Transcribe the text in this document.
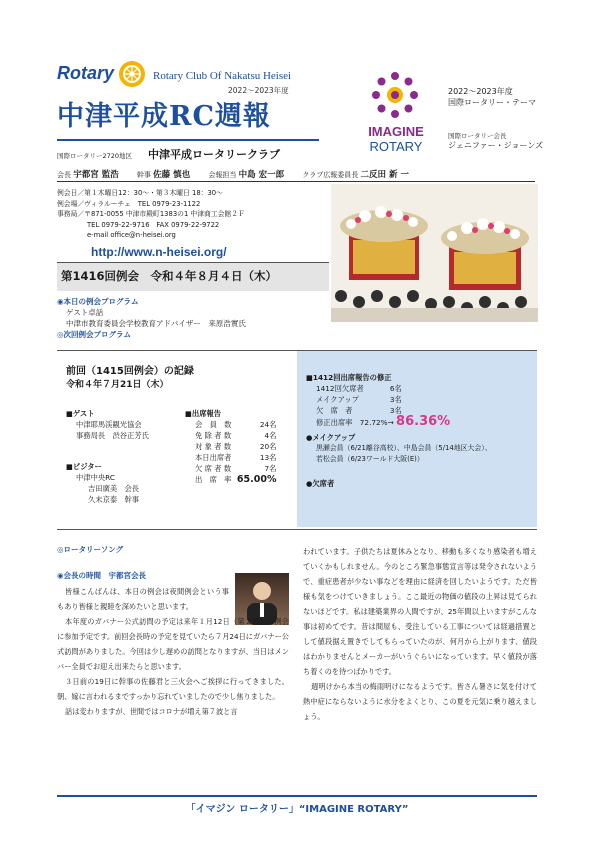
Rotary	Rotary Club Of Nakatsu Heisei
2022～2023年度
中津平成RC週報
国際ロータリー2720地区 中津平成ロータリークラブ
IMAGINE
ROTARY
2022～2023年度
国際ロータリー・テーマ
国際ロータリー会長
ジェニファー・ジョーンズ
会長 宇都宮 監浩	幹事 佐藤 慎也	会報担当 中島 宏一郎	クラブ広報委員長 二反田 新 一
例会日／第１木曜日12：30～・第３木曜日 18：30～
例会場／ヴィラルーチェ　TEL 0979-23-1122
事務局／〒871-0055 中津市殿町1383の1 中津商工会館２Ｆ
TEL 0979-22-9716　FAX 0979-22-9722
e-mail office@n-heisei.org
http://www.n-heisei.org/
第1416回例会　令和４年８月４日（木）
◉本日の例会プログラム
ゲスト卓話
中津市教育委員会学校教育アドバイザー　来原浩實氏
◎次回例会プログラム
前回（1415回例会）の記録
令和４年７月21日（木）
■ゲスト
中津耶馬渓観光協会
事務局長　渋谷正芳氏
■ビジター
中津中央RC
吉田廣美　会長
久末京泰　幹事
■出席報告
会　員　数	24名
免 除 者 数	4名
対 象 者 数	20名
本日出席者	13名
欠 席 者 数	7名
出　席　率	65.00%
■1412回出席報告の修正
1412回欠席者	6名
メイクアップ	3名
欠　席　者	3名
修正出席率　72.72%→ 86.36%
●メイクアップ
黒瀬会員（6/21離谷高校）、中島会員（5/14地区大会）、
若松会員（6/23ワールド大阪(E)）
●欠席者
◎ロータリーソング
◉会長の時間　宇都宮会長
皆様こんばんは、本日の例会は夜間例会という事もあり皆様と親睦を深めたいと思います。
本年度のガバナー公式訪問の予定は来年１月12日（第２週）の例会に参加予定です。前回会長時の予定を見ていたら７月24日にガバナー公式訪問がありました。今回は少し遅めの訪問となりますが、当日はメンバー全員でお迎え出来たらと思います。
３日前の19日に幹事の佐藤君と三火会へご挨拶に行ってきました。朝、嫁に言われるまですっかり忘れていましたので少し焦りました。
話は変わりますが、世間ではコロナが増え第７波と言
われています。子供たちは夏休みとなり、移動も多くなり感染者も増えていくかもしれません。今のところ緊急事態宣言等は発令されないようで、重症患者が少ない事などを理由に経済を回したいようです。ただ皆様も気をつけていきましょう。ここ最近の物価の値段の上昇は見てられないほどです。私は建築業界の人間ですが、25年間以上いますがこんな事は初めてです。昔は間屋も、受注している工事については経過措置として値段据え置きでしてもらっていたのが、何月から上がります、値段はわかりませんとメーカーがいうぐらいになっています。早く値段が落ち着くのを待つばかりです。
週明けから本当の梅雨明けになるようです。皆さん暑さに気を付けて熱中症にならないように水分をよくとり、この夏を元気に乗り越えましょう。
「イマジン ロータリー」“IMAGINE ROTARY”
